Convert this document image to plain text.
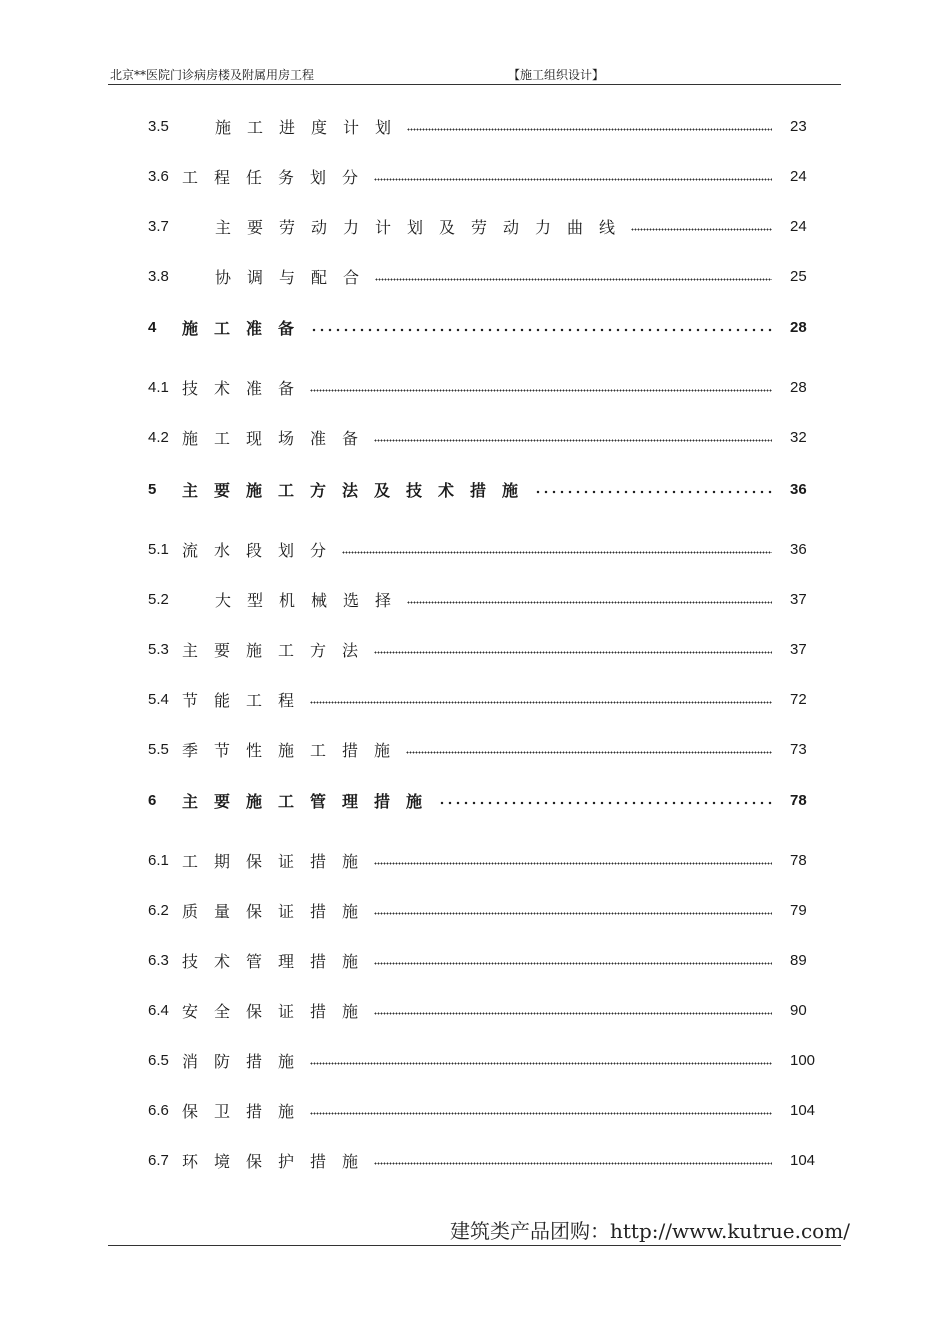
北京**医院门诊病房楼及附属用房工程	【施工组织设计】
3.5	施工进度计划	23
3.6 工程任务划分	24
3.7	主要劳动力计划及劳动力曲线	24
3.8	协调与配合	25
4	施工准备	28
4.1 技术准备	28
4.2 施工现场准备	32
5	主要施工方法及技术措施	36
5.1 流水段划分	36
5.2	大型机械选择	37
5.3 主要施工方法	37
5.4 节能工程	72
5.5 季节性施工措施	73
6	主要施工管理措施	78
6.1 工期保证措施	78
6.2 质量保证措施	79
6.3 技术管理措施	89
6.4 安全保证措施	90
6.5 消防措施	100
6.6 保卫措施	104
6.7 环境保护措施	104
建筑类产品团购：http://www.kutrue.com/
